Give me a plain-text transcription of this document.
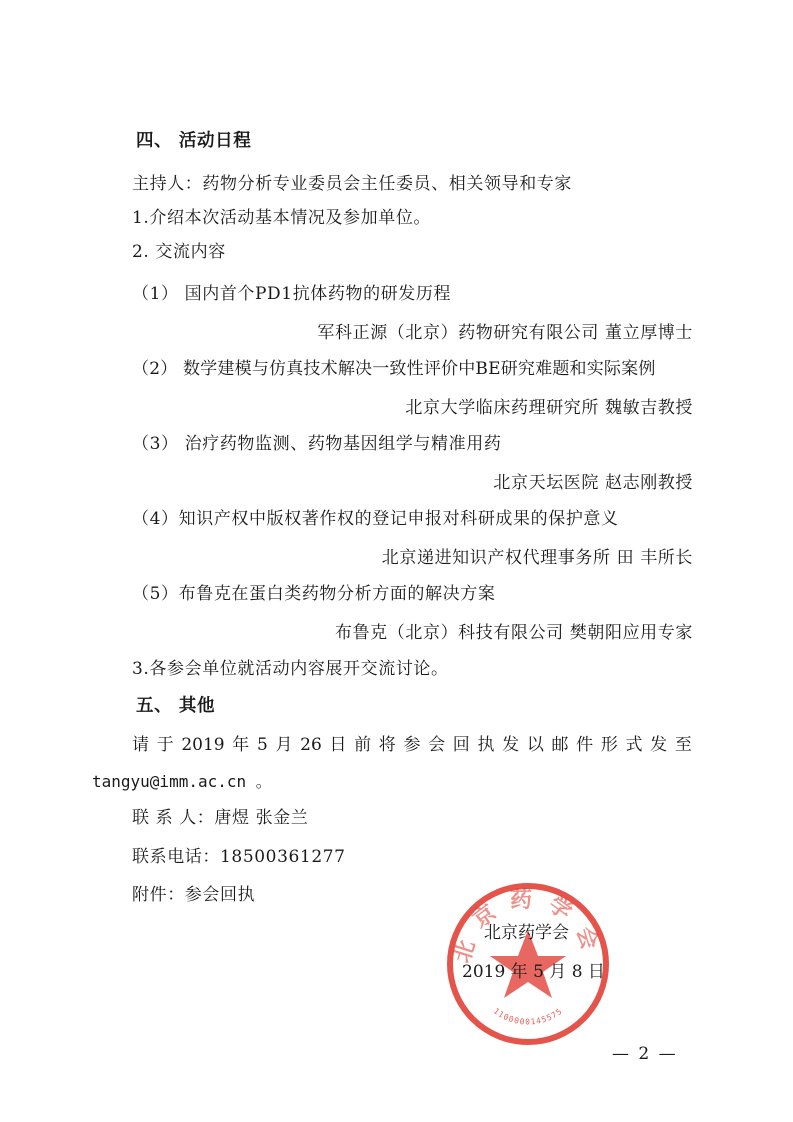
四、 活动日程
主持人：药物分析专业委员会主任委员、相关领导和专家
1.介绍本次活动基本情况及参加单位。
2. 交流内容
（1） 国内首个PD1抗体药物的研发历程
军科正源（北京）药物研究有限公司 董立厚博士
（2） 数学建模与仿真技术解决一致性评价中BE研究难题和实际案例
北京大学临床药理研究所 魏敏吉教授
（3） 治疗药物监测、药物基因组学与精准用药
北京天坛医院 赵志刚教授
（4）知识产权中版权著作权的登记申报对科研成果的保护意义
北京递进知识产权代理事务所 田 丰所长
（5）布鲁克在蛋白类药物分析方面的解决方案
布鲁克（北京）科技有限公司 樊朝阳应用专家
3.各参会单位就活动内容展开交流讨论。
五、 其他
请 于 2019 年 5 月 26 日 前 将 参 会 回 执 发 以 邮 件 形 式 发 至
tangyu@imm.ac.cn 。
联 系 人：唐煜 张金兰
联系电话：18500361277
附件：参会回执
北京药学会
1100000145575
北京药学会
2019 年 5 月 8 日
— 2 —
